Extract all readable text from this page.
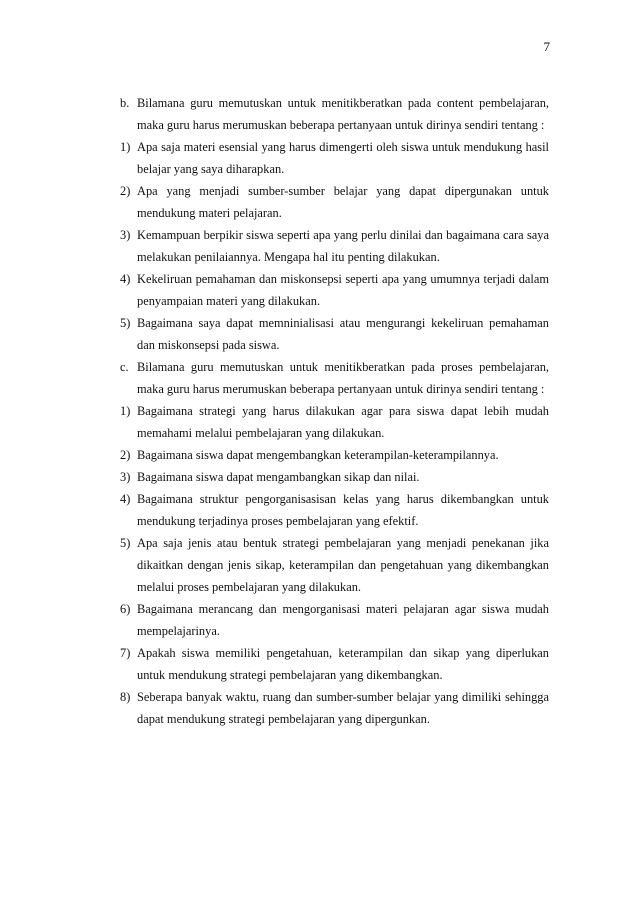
7
b. Bilamana guru memutuskan untuk menitikberatkan pada content pembelajaran, maka guru harus merumuskan beberapa pertanyaan untuk dirinya sendiri tentang :
1) Apa saja materi esensial yang harus dimengerti oleh siswa untuk mendukung hasil belajar yang saya diharapkan.
2) Apa yang menjadi sumber-sumber belajar yang dapat dipergunakan untuk mendukung materi pelajaran.
3) Kemampuan berpikir siswa seperti apa yang perlu dinilai dan bagaimana cara saya melakukan penilaiannya. Mengapa hal itu penting dilakukan.
4) Kekeliruan pemahaman dan miskonsepsi seperti apa yang umumnya terjadi dalam penyampaian materi yang dilakukan.
5) Bagaimana saya dapat memninialisasi atau mengurangi kekeliruan pemahaman dan miskonsepsi pada siswa.
c. Bilamana guru memutuskan untuk menitikberatkan pada proses pembelajaran, maka guru harus merumuskan beberapa pertanyaan untuk dirinya sendiri tentang :
1) Bagaimana strategi yang harus dilakukan agar para siswa dapat lebih mudah memahami melalui pembelajaran yang dilakukan.
2) Bagaimana siswa dapat mengembangkan keterampilan-keterampilannya.
3) Bagaimana siswa dapat mengambangkan sikap dan nilai.
4) Bagaimana struktur pengorganisasisan kelas yang harus dikembangkan untuk mendukung terjadinya proses pembelajaran yang efektif.
5) Apa saja jenis atau bentuk strategi pembelajaran yang menjadi penekanan jika dikaitkan dengan jenis sikap, keterampilan dan pengetahuan yang dikembangkan melalui proses pembelajaran yang dilakukan.
6) Bagaimana merancang dan mengorganisasi materi pelajaran agar siswa mudah mempelajarinya.
7) Apakah siswa memiliki pengetahuan, keterampilan dan sikap yang diperlukan untuk mendukung strategi pembelajaran yang dikembangkan.
8) Seberapa banyak waktu, ruang dan sumber-sumber belajar yang dimiliki sehingga dapat mendukung strategi pembelajaran yang dipergunkan.
